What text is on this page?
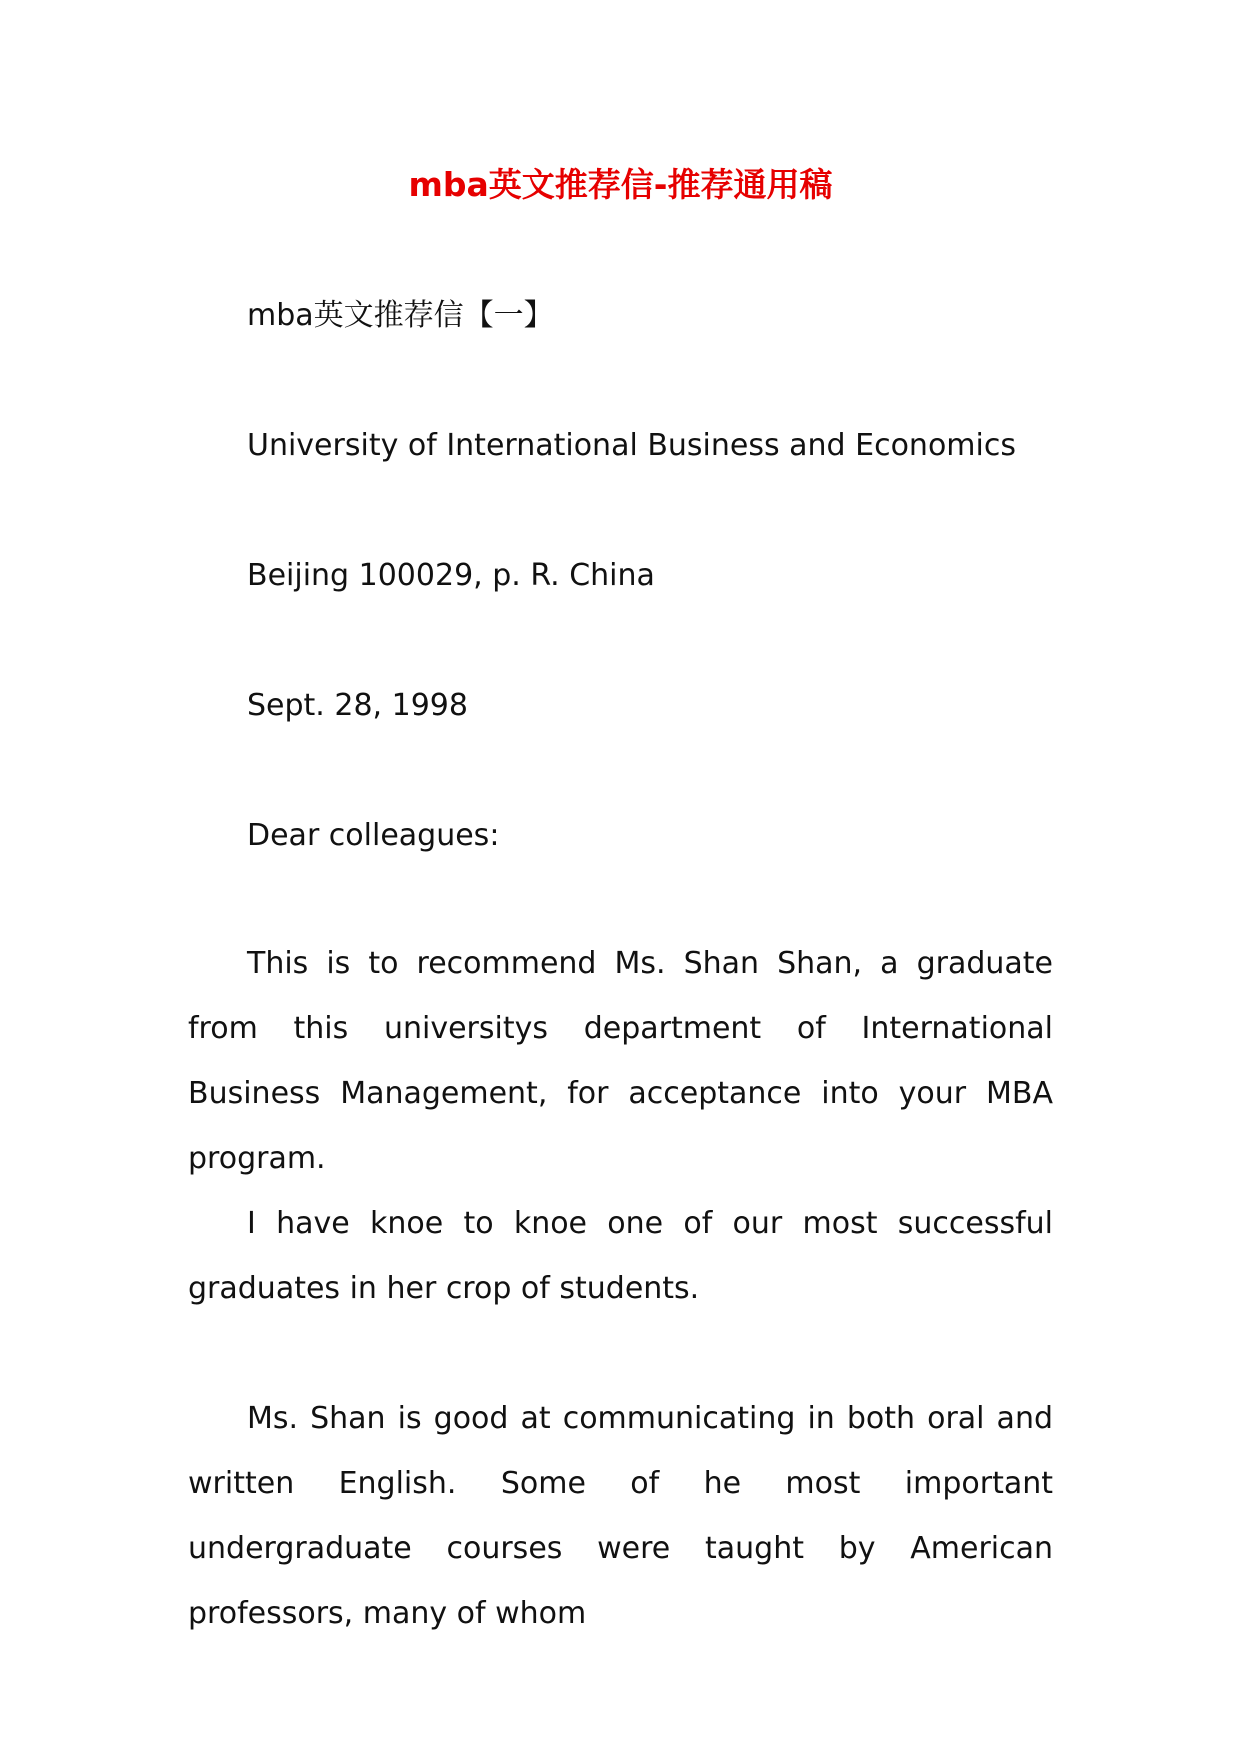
mba英文推荐信-推荐通用稿
mba英文推荐信【一】
University of International Business and Economics
Beijing 100029, p. R. China
Sept. 28, 1998
Dear colleagues:

This is to recommend Ms. Shan Shan, a graduate from this universitys department of International Business Management, for acceptance into your MBA program.

I have knoe to knoe one of our most successful graduates in her crop of students.

Ms. Shan is good at communicating in both oral and written English. Some of he most important undergraduate courses were taught by American professors, many of whom
